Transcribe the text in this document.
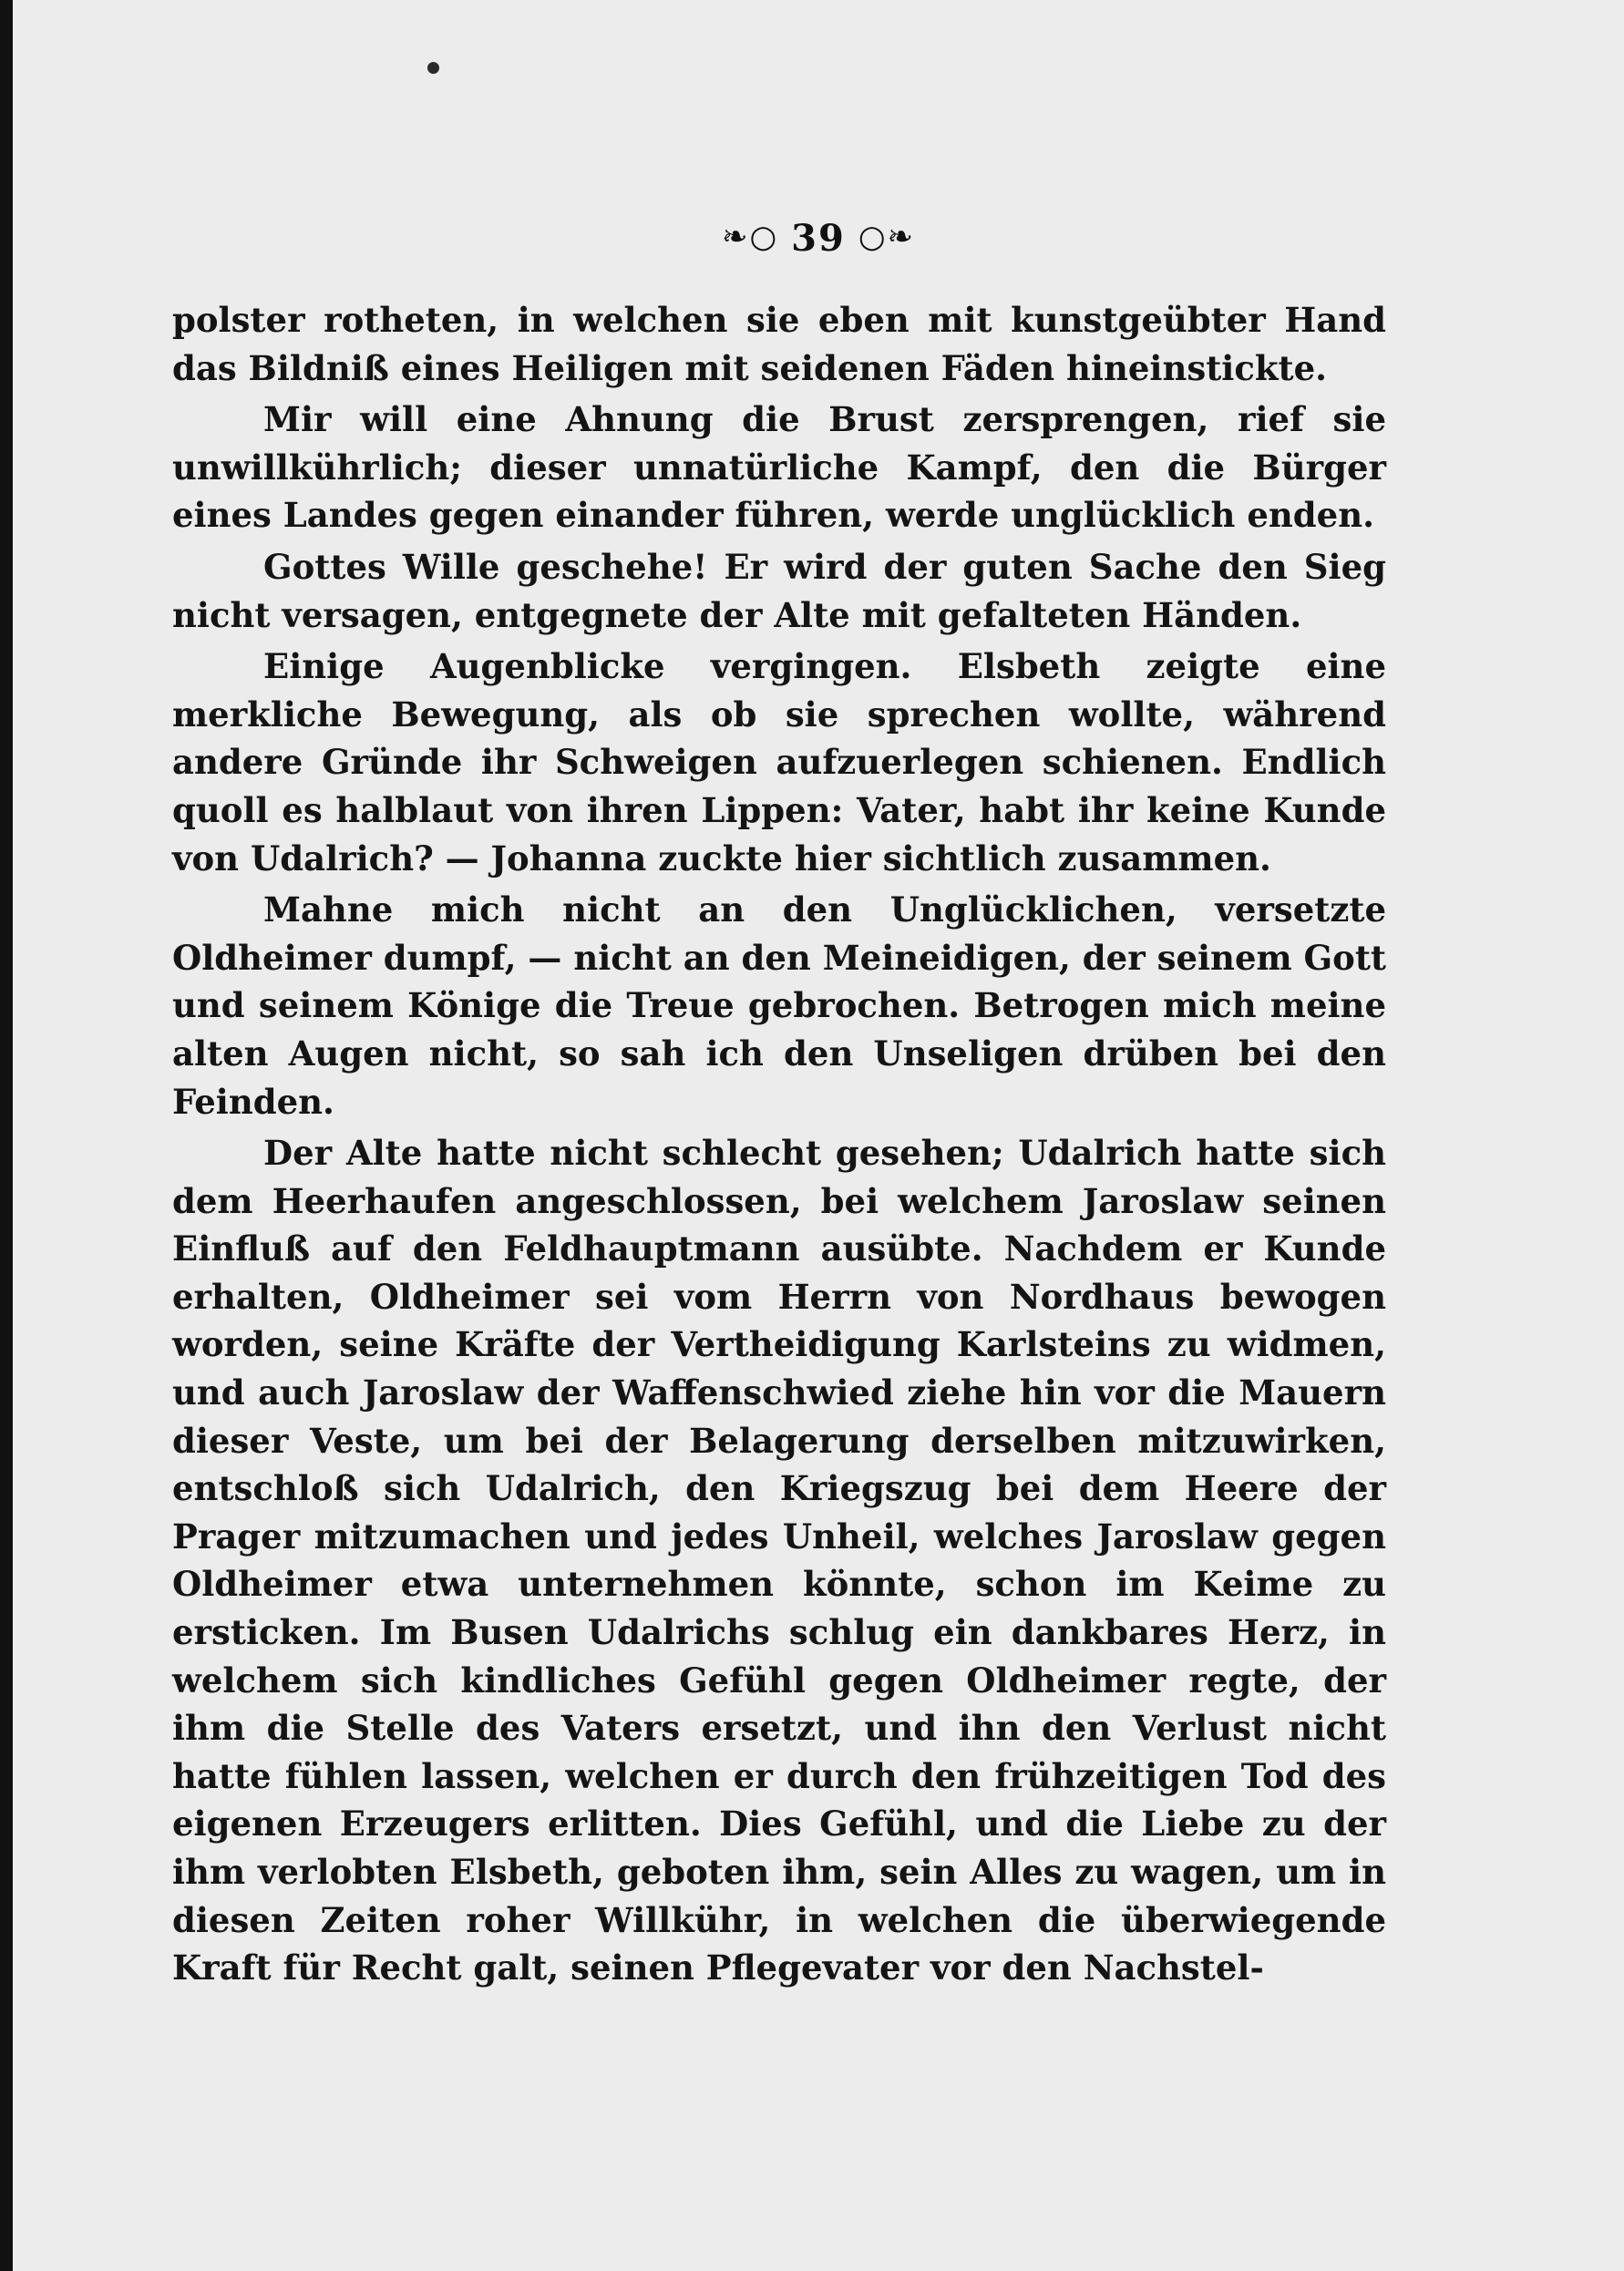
❧○ 39 ○❧

polster rotheten, in welchen sie eben mit kunstgeübter Hand das Bildniß eines Heiligen mit seidenen Fäden hineinstickte.

Mir will eine Ahnung die Brust zersprengen, rief sie unwillkührlich; dieser unnatürliche Kampf, den die Bürger eines Landes gegen einander führen, werde unglücklich enden.

Gottes Wille geschehe! Er wird der guten Sache den Sieg nicht versagen, entgegnete der Alte mit gefalteten Händen.

Einige Augenblicke vergingen. Elsbeth zeigte eine merkliche Bewegung, als ob sie sprechen wollte, während andere Gründe ihr Schweigen aufzuerlegen schienen. Endlich quoll es halblaut von ihren Lippen: Vater, habt ihr keine Kunde von Udalrich? — Johanna zuckte hier sichtlich zusammen.

Mahne mich nicht an den Unglücklichen, versetzte Oldheimer dumpf, — nicht an den Meineidigen, der seinem Gott und seinem Könige die Treue gebrochen. Betrogen mich meine alten Augen nicht, so sah ich den Unseligen drüben bei den Feinden.

Der Alte hatte nicht schlecht gesehen; Udalrich hatte sich dem Heerhaufen angeschlossen, bei welchem Jaroslaw seinen Einfluß auf den Feldhauptmann ausübte. Nachdem er Kunde erhalten, Oldheimer sei vom Herrn von Nordhaus bewogen worden, seine Kräfte der Vertheidigung Karlsteins zu widmen, und auch Jaroslaw der Waffenschwied ziehe hin vor die Mauern dieser Veste, um bei der Belagerung derselben mitzuwirken, entschloß sich Udalrich, den Kriegszug bei dem Heere der Prager mitzumachen und jedes Unheil, welches Jaroslaw gegen Oldheimer etwa unternehmen könnte, schon im Keime zu ersticken. Im Busen Udalrichs schlug ein dankbares Herz, in welchem sich kindliches Gefühl gegen Oldheimer regte, der ihm die Stelle des Vaters ersetzt, und ihn den Verlust nicht hatte fühlen lassen, welchen er durch den frühzeitigen Tod des eigenen Erzeugers erlitten. Dies Gefühl, und die Liebe zu der ihm verlobten Elsbeth, geboten ihm, sein Alles zu wagen, um in diesen Zeiten roher Willkühr, in welchen die überwiegende Kraft für Recht galt, seinen Pflegevater vor den Nachstel-
